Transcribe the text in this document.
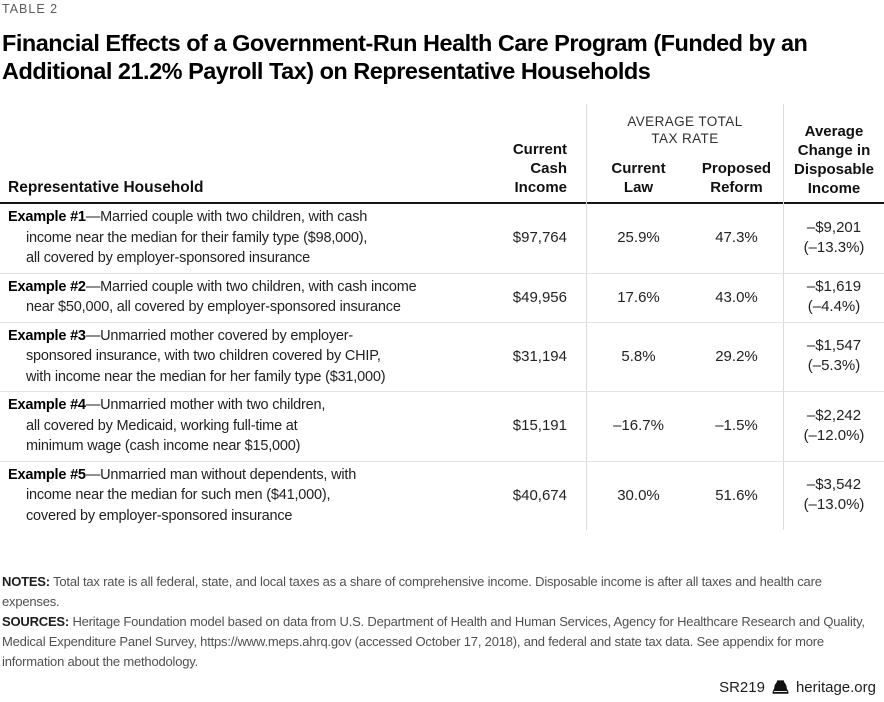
TABLE 2
Financial Effects of a Government-Run Health Care Program (Funded by an
Additional 21.2% Payroll Tax) on Representative Households
Representative Household
Current Cash Income
AVERAGE TOTAL TAX RATE
Current Law
Proposed Reform
Average Change in Disposable Income
Example #1—Married couple with two children, with cash
income near the median for their family type ($98,000),
all covered by employer-sponsored insurance
$97,764	25.9%	47.3%
–$9,201
(–13.3%)
Example #2—Married couple with two children, with cash income
near $50,000, all covered by employer-sponsored insurance
$49,956	17.6%	43.0%
–$1,619
(–4.4%)
Example #3—Unmarried mother covered by employer-
sponsored insurance, with two children covered by CHIP,
with income near the median for her family type ($31,000)
$31,194	5.8%	29.2%
–$1,547
(–5.3%)
Example #4—Unmarried mother with two children,
all covered by Medicaid, working full-time at
minimum wage (cash income near $15,000)
$15,191	–16.7%	–1.5%
–$2,242
(–12.0%)
Example #5—Unmarried man without dependents, with
income near the median for such men ($41,000),
covered by employer-sponsored insurance
$40,674	30.0%	51.6%
–$3,542
(–13.0%)
NOTES: Total tax rate is all federal, state, and local taxes as a share of comprehensive income. Disposable income is after all taxes and health care expenses.
SOURCES: Heritage Foundation model based on data from U.S. Department of Health and Human Services, Agency for Healthcare Research and Quality, Medical Expenditure Panel Survey, https://www.meps.ahrq.gov (accessed October 17, 2018), and federal and state tax data. See appendix for more information about the methodology.
SR219 heritage.org
